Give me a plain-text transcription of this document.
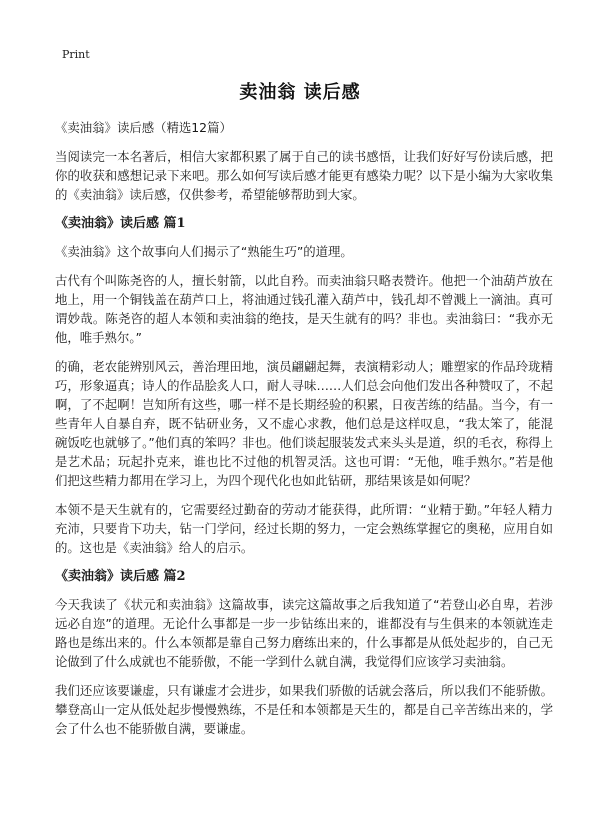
Print
卖油翁 读后感

《卖油翁》读后感（精选12篇）

当阅读完一本名著后，相信大家都积累了属于自己的读书感悟，让我们好好写份读后感，把你的收获和感想记录下来吧。那么如何写读后感才能更有感染力呢？以下是小编为大家收集的《卖油翁》读后感，仅供参考，希望能够帮助到大家。

《卖油翁》读后感 篇1

《卖油翁》这个故事向人们揭示了“熟能生巧”的道理。

古代有个叫陈尧咨的人，擅长射箭，以此自矜。而卖油翁只略表赞许。他把一个油葫芦放在地上，用一个铜钱盖在葫芦口上，将油通过钱孔灌入葫芦中，钱孔却不曾溅上一滴油。真可谓妙哉。陈尧咨的超人本领和卖油翁的绝技，是天生就有的吗？非也。卖油翁曰：“我亦无他，唯手熟尔。”

的确，老农能辨别风云，善治理田地，演员翩翩起舞，表演精彩动人；雕塑家的作品玲珑精巧，形象逼真；诗人的作品脍炙人口，耐人寻味……人们总会向他们发出各种赞叹了，不起啊，了不起啊！岂知所有这些，哪一样不是长期经验的积累，日夜苦练的结晶。当今，有一些青年人自暴自弃，既不钻研业务，又不虚心求教，他们总是这样叹息，“我太笨了，能混碗饭吃也就够了。”他们真的笨吗？非也。他们谈起服装发式来头头是道，织的毛衣，称得上是艺术品；玩起扑克来，谁也比不过他的机智灵活。这也可谓：“无他，唯手熟尔。”若是他们把这些精力都用在学习上，为四个现代化也如此钻研，那结果该是如何呢？

本领不是天生就有的，它需要经过勤奋的劳动才能获得，此所谓：“业精于勤。”年轻人精力充沛，只要肯下功夫，钻一门学问，经过长期的努力，一定会熟练掌握它的奥秘，应用自如的。这也是《卖油翁》给人的启示。

《卖油翁》读后感 篇2

今天我读了《状元和卖油翁》这篇故事，读完这篇故事之后我知道了“若登山必自卑，若涉远必自迩”的道理。无论什么事都是一步一步钻练出来的，谁都没有与生俱来的本领就连走路也是练出来的。什么本领都是靠自己努力磨练出来的，什么事都是从低处起步的，自己无论做到了什么成就也不能骄傲，不能一学到什么就自满，我觉得们应该学习卖油翁。

我们还应该要谦虚，只有谦虚才会进步，如果我们骄傲的话就会落后，所以我们不能骄傲。攀登高山一定从低处起步慢慢熟练，不是任和本领都是天生的，都是自己辛苦练出来的，学会了什么也不能骄傲自满，要谦虚。
